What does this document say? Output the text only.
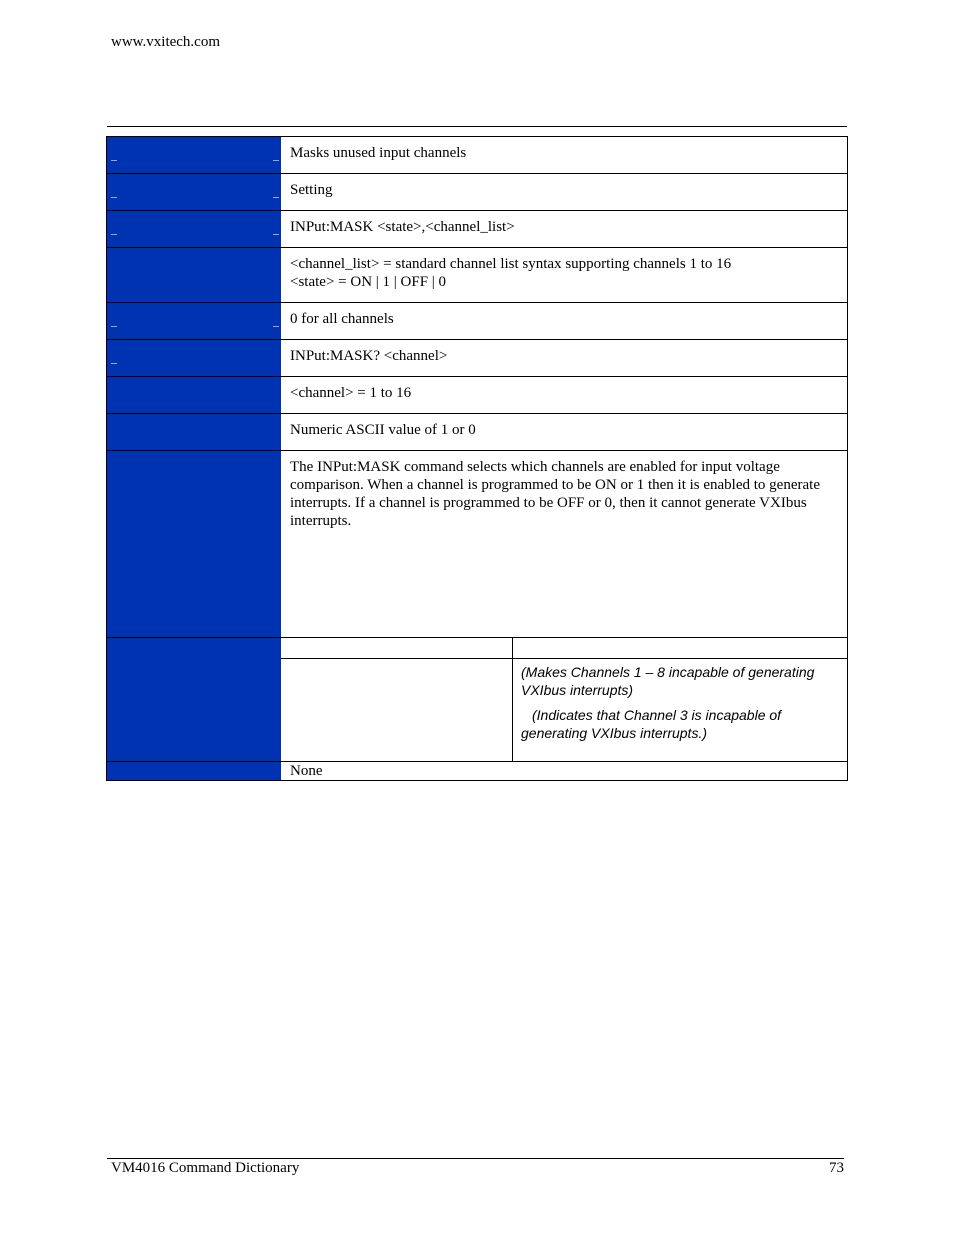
www.vxitech.com
Masks unused input channels
Setting
INPut:MASK <state>,<channel_list>
<channel_list> = standard channel list syntax supporting channels 1 to 16
<state> = ON | 1 | OFF | 0
0 for all channels
INPut:MASK? <channel>
<channel> = 1 to 16
Numeric ASCII value of 1 or 0
The INPut:MASK command selects which channels are enabled for input voltage comparison. When a channel is programmed to be ON or 1 then it is enabled to generate interrupts. If a channel is programmed to be OFF or 0, then it cannot generate VXIbus interrupts.
(Makes Channels 1 – 8 incapable of generating VXIbus interrupts)
(Indicates that Channel 3 is incapable of generating VXIbus interrupts.)
None
VM4016 Command Dictionary	73
